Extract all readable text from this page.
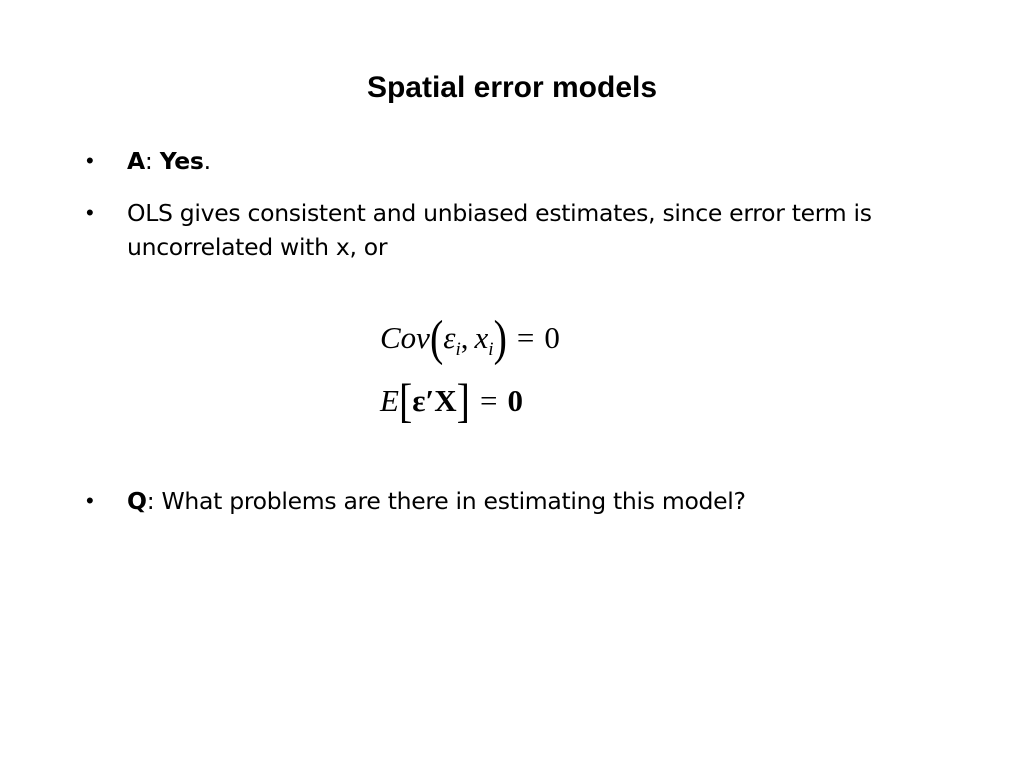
Spatial error models
•	A: Yes.
•	OLS gives consistent and unbiased estimates, since error term is uncorrelated with x, or
$Cov(\varepsilon_i$, $x_i) = 0$
E[ε′X] = 0
•	Q: What problems are there in estimating this model?
